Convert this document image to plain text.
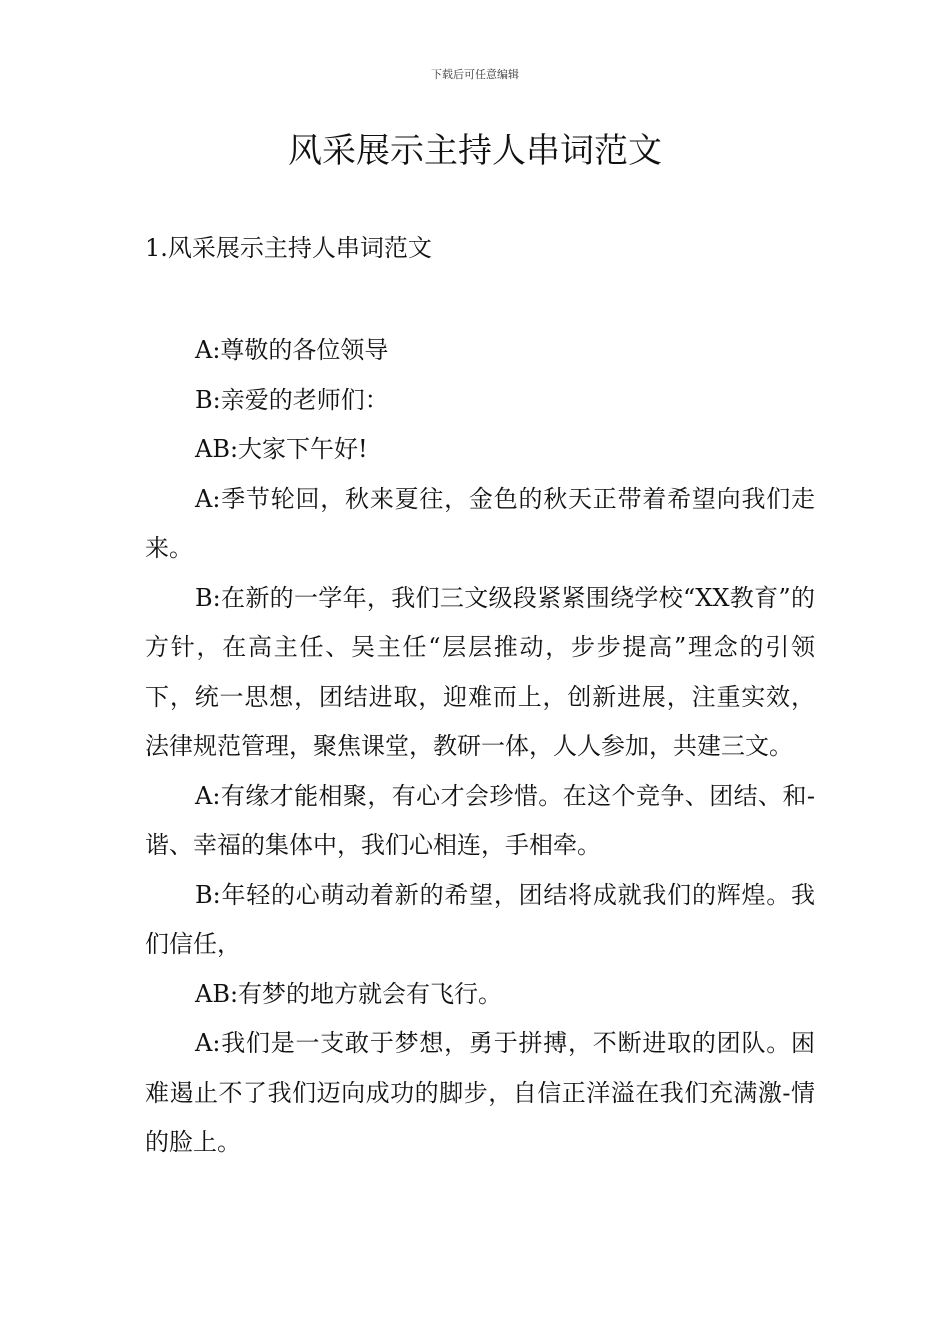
下载后可任意编辑
风采展示主持人串词范文
1.风采展示主持人串词范文

A:尊敬的各位领导

B:亲爱的老师们：

AB:大家下午好!

A:季节轮回，秋来夏往，金色的秋天正带着希望向我们走来。

B:在新的一学年，我们三文级段紧紧围绕学校“XX教育”的方针，在高主任、吴主任“层层推动，步步提高”理念的引领下，统一思想，团结进取，迎难而上，创新进展，注重实效，法律规范管理，聚焦课堂，教研一体，人人参加，共建三文。

A:有缘才能相聚，有心才会珍惜。在这个竞争、团结、和-谐、幸福的集体中，我们心相连，手相牵。

B:年轻的心萌动着新的希望，团结将成就我们的辉煌。我们信任，

AB:有梦的地方就会有飞行。

A:我们是一支敢于梦想，勇于拼搏，不断进取的团队。困难遏止不了我们迈向成功的脚步，自信正洋溢在我们充满激-情的脸上。
